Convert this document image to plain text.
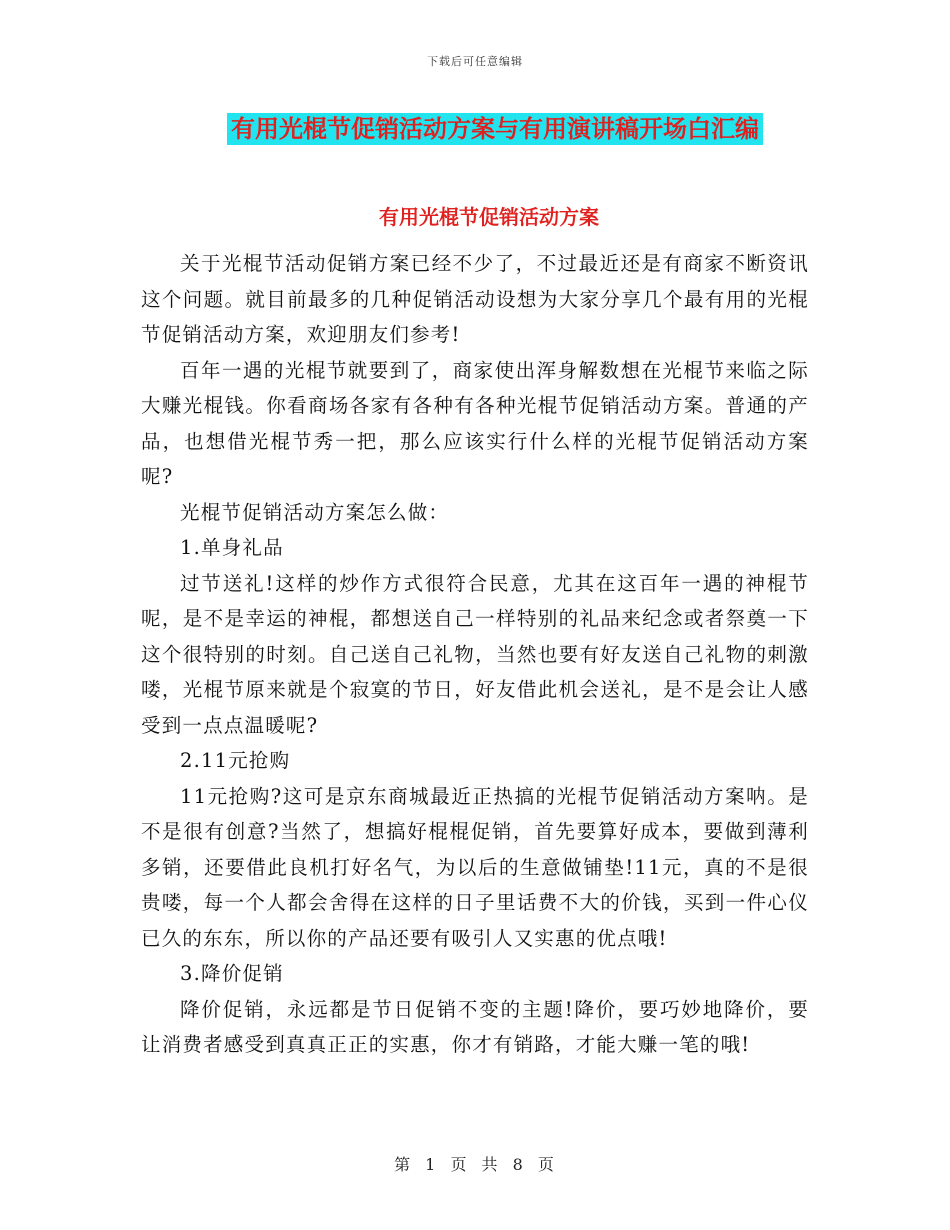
下载后可任意编辑
有用光棍节促销活动方案与有用演讲稿开场白汇编
有用光棍节促销活动方案

关于光棍节活动促销方案已经不少了，不过最近还是有商家不断资讯这个问题。就目前最多的几种促销活动设想为大家分享几个最有用的光棍节促销活动方案，欢迎朋友们参考!

百年一遇的光棍节就要到了，商家使出浑身解数想在光棍节来临之际大赚光棍钱。你看商场各家有各种有各种光棍节促销活动方案。普通的产品，也想借光棍节秀一把，那么应该实行什么样的光棍节促销活动方案呢?

光棍节促销活动方案怎么做：

1.单身礼品

过节送礼!这样的炒作方式很符合民意，尤其在这百年一遇的神棍节呢，是不是幸运的神棍，都想送自己一样特别的礼品来纪念或者祭奠一下这个很特别的时刻。自己送自己礼物，当然也要有好友送自己礼物的刺激喽，光棍节原来就是个寂寞的节日，好友借此机会送礼，是不是会让人感受到一点点温暖呢?

2.11元抢购

11元抢购?这可是京东商城最近正热搞的光棍节促销活动方案呐。是不是很有创意?当然了，想搞好棍棍促销，首先要算好成本，要做到薄利多销，还要借此良机打好名气，为以后的生意做铺垫!11元，真的不是很贵喽，每一个人都会舍得在这样的日子里话费不大的价钱，买到一件心仪已久的东东，所以你的产品还要有吸引人又实惠的优点哦!

3.降价促销

降价促销，永远都是节日促销不变的主题!降价，要巧妙地降价，要让消费者感受到真真正正的实惠，你才有销路，才能大赚一笔的哦!

第 1 页 共 8 页
